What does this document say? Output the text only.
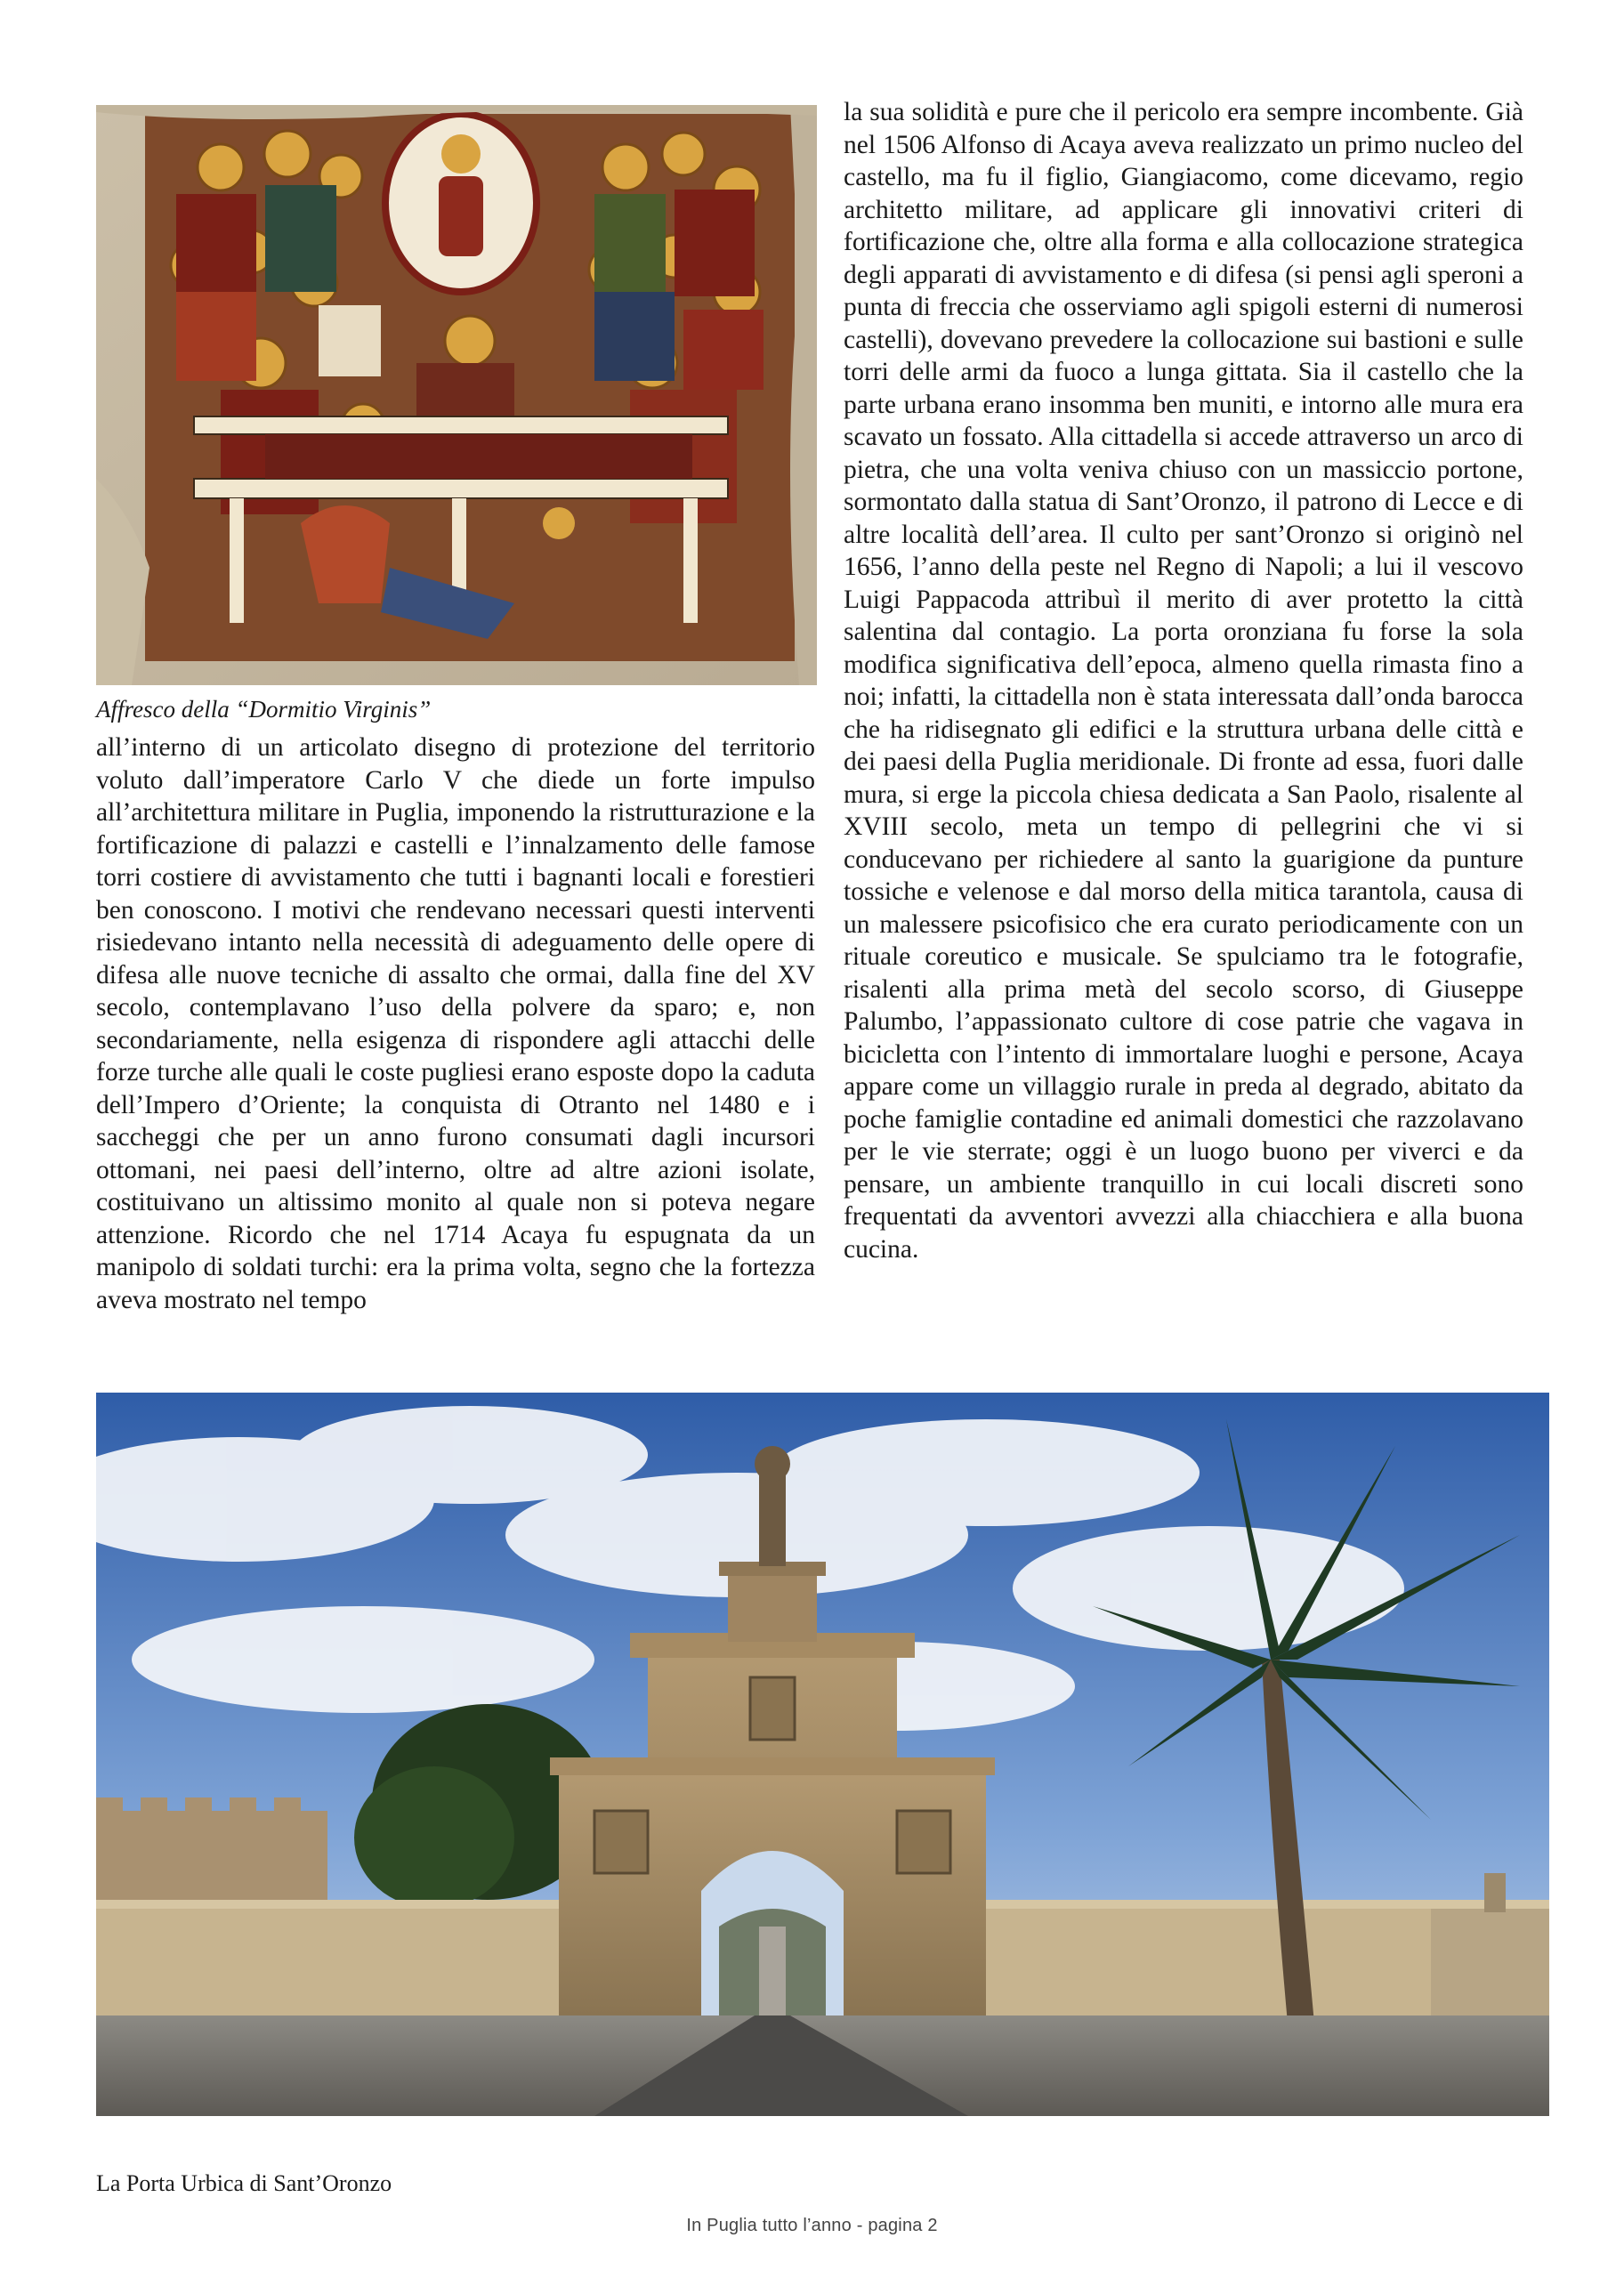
Affresco della “Dormitio Virginis”

all’interno di un articolato disegno di protezione del territorio voluto dall’imperatore Carlo V che diede un forte impulso all’architettura militare in Puglia, imponendo la ristrutturazione e la fortificazione di palazzi e castelli e l’innalzamento delle famose torri costiere di avvistamento che tutti i bagnanti locali e forestieri ben conoscono. I motivi che rendevano necessari questi interventi risiedevano intanto nella necessità di adeguamento delle opere di difesa alle nuove tecniche di assalto che ormai, dalla fine del XV secolo, contemplavano l’uso della polvere da sparo; e, non secondariamente, nella esigenza di rispondere agli attacchi delle forze turche alle quali le coste pugliesi erano esposte dopo la caduta dell’Impero d’Oriente; la conquista di Otranto nel 1480 e i saccheggi che per un anno furono consumati dagli incursori ottomani, nei paesi dell’interno, oltre ad altre azioni isolate, costituivano un altissimo monito al quale non si poteva negare attenzione. Ricordo che nel 1714 Acaya fu espugnata da un manipolo di soldati turchi: era la prima volta, segno che la fortezza aveva mostrato nel tempo

la sua solidità e pure che il pericolo era sempre incombente. Già nel 1506 Alfonso di Acaya aveva realizzato un primo nucleo del castello, ma fu il figlio, Giangiacomo, come dicevamo, regio architetto militare, ad applicare gli innovativi criteri di fortificazione che, oltre alla forma e alla collocazione strategica degli apparati di avvistamento e di difesa (si pensi agli speroni a punta di freccia che osserviamo agli spigoli esterni di numerosi castelli), dovevano prevedere la collocazione sui bastioni e sulle torri delle armi da fuoco a lunga gittata. Sia il castello che la parte urbana erano insomma ben muniti, e intorno alle mura era scavato un fossato. Alla cittadella si accede attraverso un arco di pietra, che una volta veniva chiuso con un massiccio portone, sormontato dalla statua di Sant’Oronzo, il patrono di Lecce e di altre località dell’area. Il culto per sant’Oronzo si originò nel 1656, l’anno della peste nel Regno di Napoli; a lui il vescovo Luigi Pappacoda attribuì il merito di aver protetto la città salentina dal contagio. La porta oronziana fu forse la sola modifica significativa dell’epoca, almeno quella rimasta fino a noi; infatti, la cittadella non è stata interessata dall’onda barocca che ha ridisegnato gli edifici e la struttura urbana delle città e dei paesi della Puglia meridionale. Di fronte ad essa, fuori dalle mura, si erge la piccola chiesa dedicata a San Paolo, risalente al XVIII secolo, meta un tempo di pellegrini che vi si conducevano per richiedere al santo la guarigione da punture tossiche e velenose e dal morso della mitica tarantola, causa di un malessere psicofisico che era curato periodicamente con un rituale coreutico e musicale. Se spulciamo tra le fotografie, risalenti alla prima metà del secolo scorso, di Giuseppe Palumbo, l’appassionato cultore di cose patrie che vagava in bicicletta con l’intento di immortalare luoghi e persone, Acaya appare come un villaggio rurale in preda al degrado, abitato da poche famiglie contadine ed animali domestici che razzolavano per le vie sterrate; oggi è un luogo buono per viverci e da pensare, un ambiente tranquillo in cui locali discreti sono frequentati da avventori avvezzi alla chiacchiera e alla buona cucina.

La Porta Urbica di Sant’Oronzo
In Puglia tutto l’anno - pagina 2
